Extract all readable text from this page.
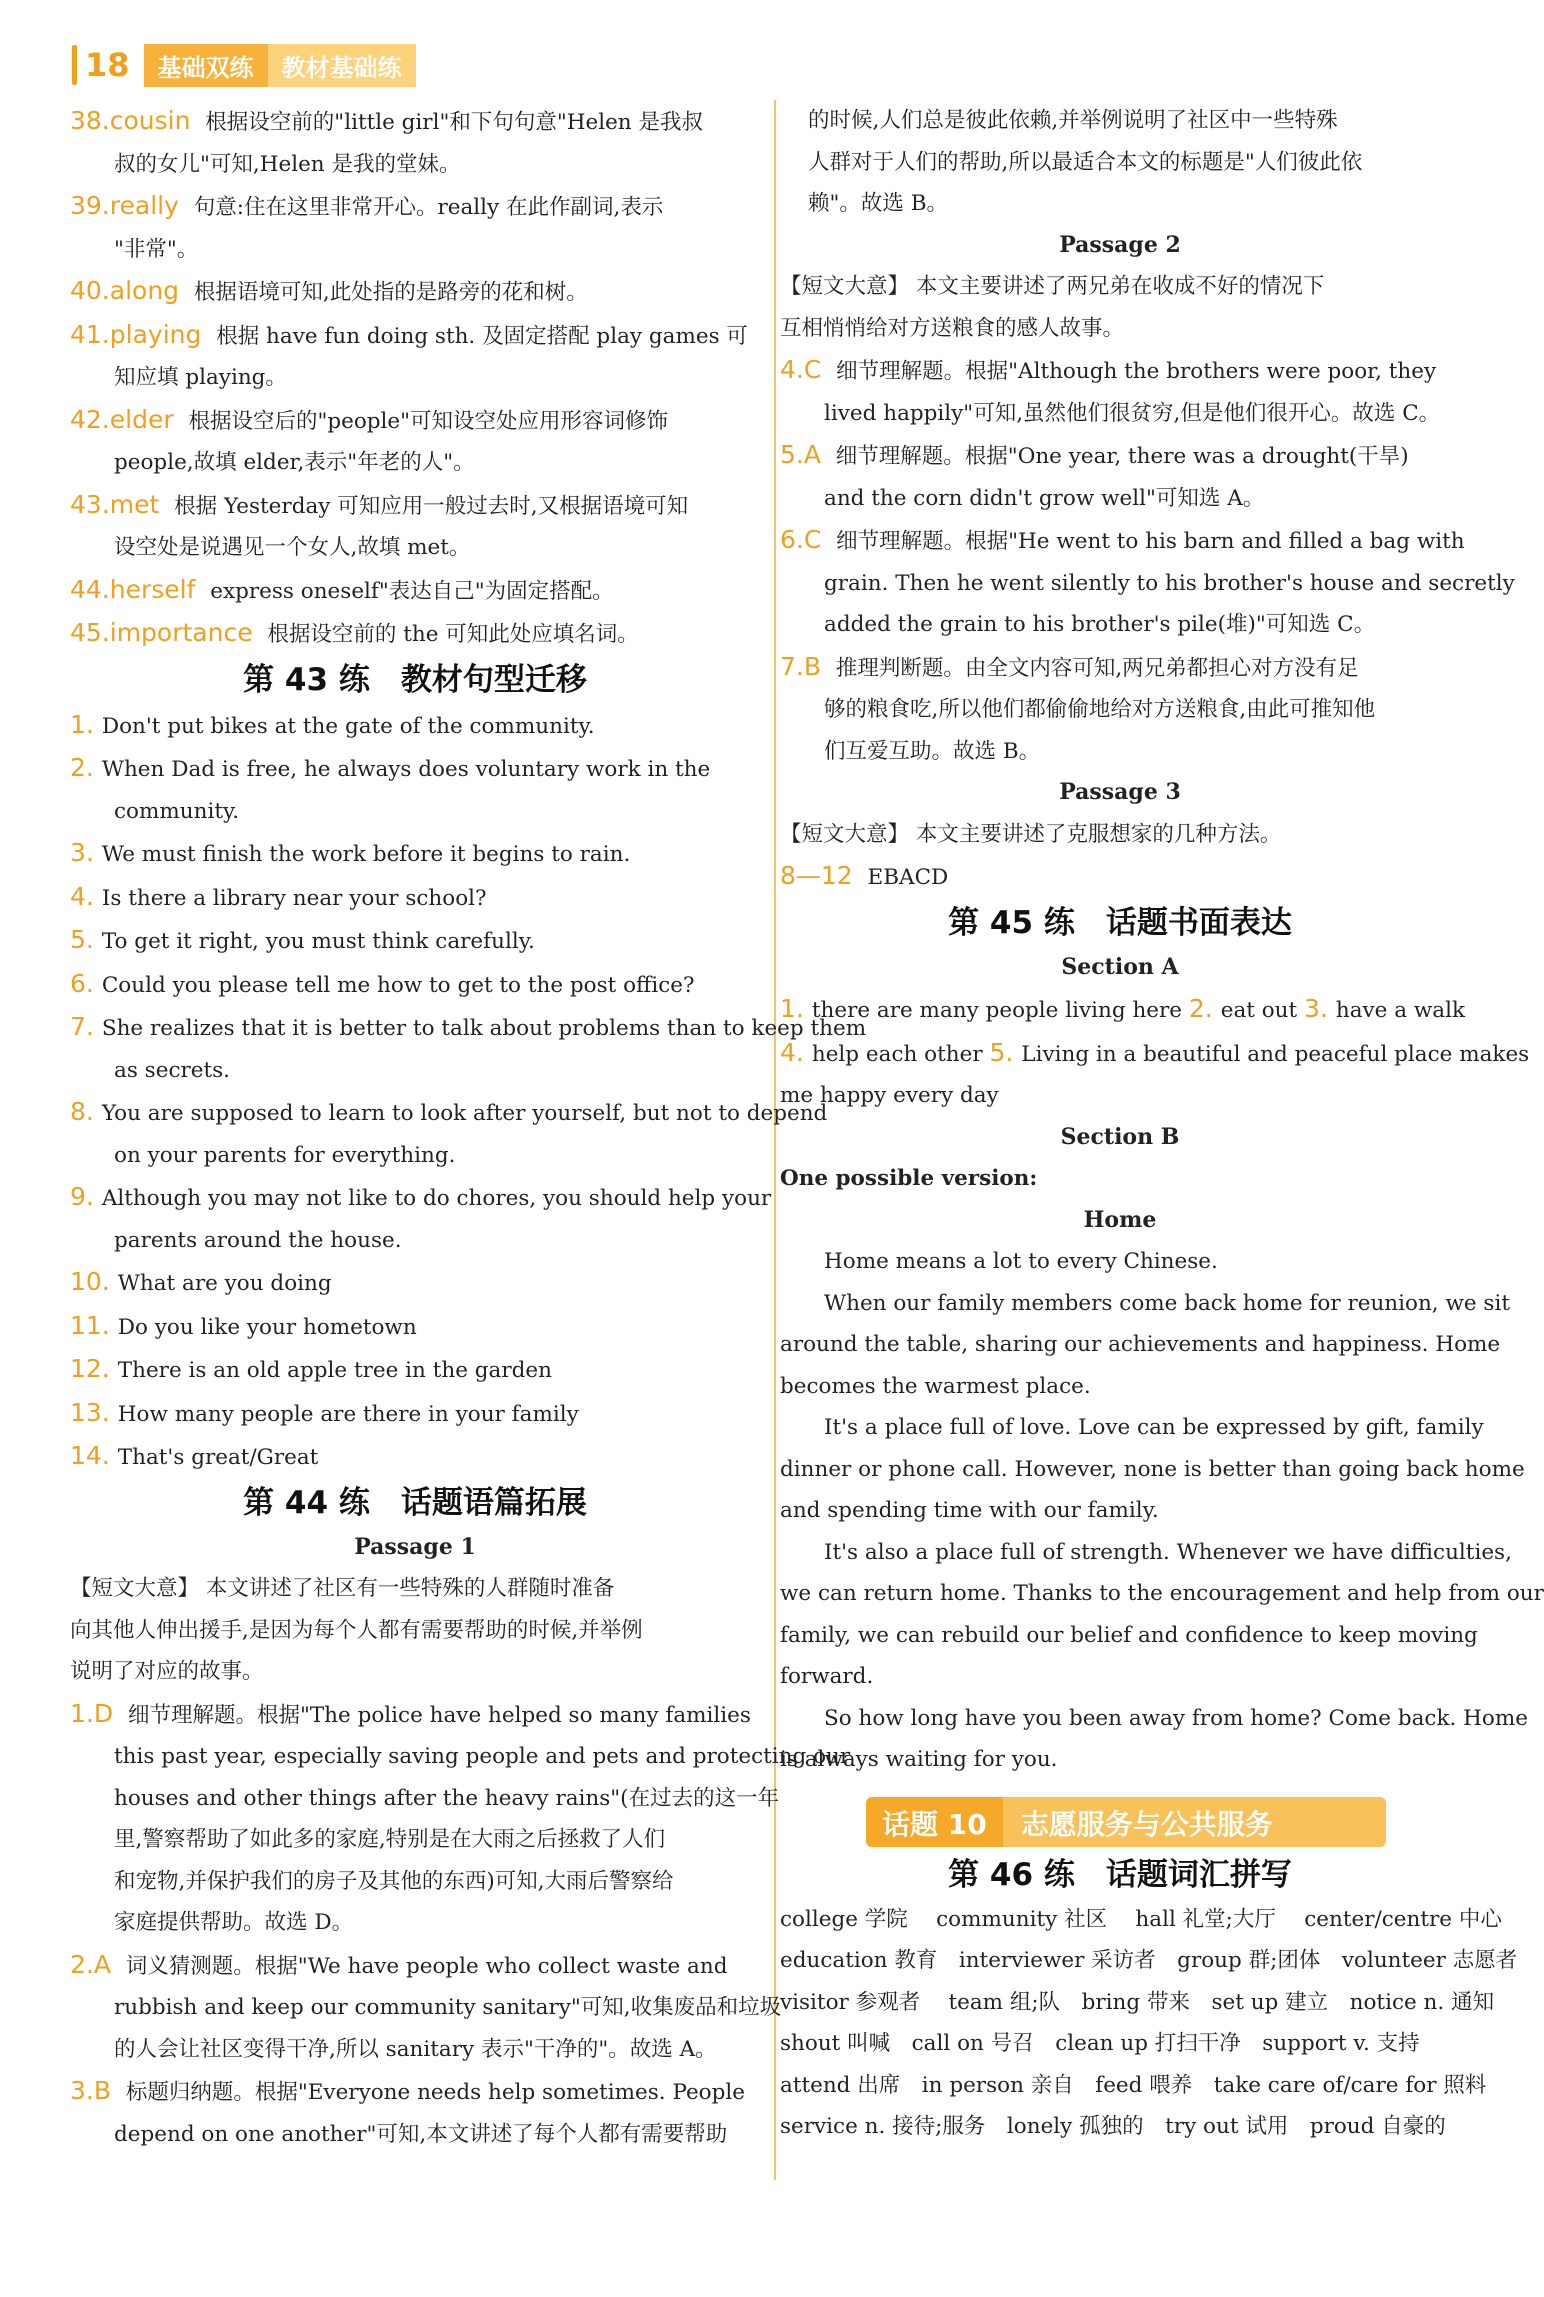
18	基础双练	教材基础练
38.cousin 根据设空前的"little girl"和下句句意"Helen 是我叔
叔的女儿"可知,Helen 是我的堂妹。
39.really 句意:住在这里非常开心。really 在此作副词,表示
"非常"。
40.along 根据语境可知,此处指的是路旁的花和树。
41.playing 根据 have fun doing sth. 及固定搭配 play games 可
知应填 playing。
42.elder 根据设空后的"people"可知设空处应用形容词修饰
people,故填 elder,表示"年老的人"。
43.met 根据 Yesterday 可知应用一般过去时,又根据语境可知
设空处是说遇见一个女人,故填 met。
44.herself express oneself"表达自己"为固定搭配。
45.importance 根据设空前的 the 可知此处应填名词。
第 43 练　教材句型迁移
1. Don't put bikes at the gate of the community.
2. When Dad is free, he always does voluntary work in the
community.
3. We must finish the work before it begins to rain.
4. Is there a library near your school?
5. To get it right, you must think carefully.
6. Could you please tell me how to get to the post office?
7. She realizes that it is better to talk about problems than to keep them
as secrets.
8. You are supposed to learn to look after yourself, but not to depend
on your parents for everything.
9. Although you may not like to do chores, you should help your
parents around the house.
10. What are you doing
11. Do you like your hometown
12. There is an old apple tree in the garden
13. How many people are there in your family
14. That's great/Great
第 44 练　话题语篇拓展
Passage 1
【短文大意】 本文讲述了社区有一些特殊的人群随时准备
向其他人伸出援手,是因为每个人都有需要帮助的时候,并举例
说明了对应的故事。
1.D 细节理解题。根据"The police have helped so many families
this past year, especially saving people and pets and protecting our
houses and other things after the heavy rains"(在过去的这一年
里,警察帮助了如此多的家庭,特别是在大雨之后拯救了人们
和宠物,并保护我们的房子及其他的东西)可知,大雨后警察给
家庭提供帮助。故选 D。
2.A 词义猜测题。根据"We have people who collect waste and
rubbish and keep our community sanitary"可知,收集废品和垃圾
的人会让社区变得干净,所以 sanitary 表示"干净的"。故选 A。
3.B 标题归纳题。根据"Everyone needs help sometimes. People
depend on one another"可知,本文讲述了每个人都有需要帮助
的时候,人们总是彼此依赖,并举例说明了社区中一些特殊
人群对于人们的帮助,所以最适合本文的标题是"人们彼此依
赖"。故选 B。
Passage 2
【短文大意】 本文主要讲述了两兄弟在收成不好的情况下
互相悄悄给对方送粮食的感人故事。
4.C 细节理解题。根据"Although the brothers were poor, they
lived happily"可知,虽然他们很贫穷,但是他们很开心。故选 C。
5.A 细节理解题。根据"One year, there was a drought(干旱)
and the corn didn't grow well"可知选 A。
6.C 细节理解题。根据"He went to his barn and filled a bag with
grain. Then he went silently to his brother's house and secretly
added the grain to his brother's pile(堆)"可知选 C。
7.B 推理判断题。由全文内容可知,两兄弟都担心对方没有足
够的粮食吃,所以他们都偷偷地给对方送粮食,由此可推知他
们互爱互助。故选 B。
Passage 3
【短文大意】 本文主要讲述了克服想家的几种方法。
8—12 EBACD
第 45 练　话题书面表达
Section A
1. there are many people living here 2. eat out 3. have a walk
4. help each other 5. Living in a beautiful and peaceful place makes
me happy every day
Section B
One possible version:
Home
Home means a lot to every Chinese.
When our family members come back home for reunion, we sit
around the table, sharing our achievements and happiness. Home
becomes the warmest place.
It's a place full of love. Love can be expressed by gift, family
dinner or phone call. However, none is better than going back home
and spending time with our family.
It's also a place full of strength. Whenever we have difficulties,
we can return home. Thanks to the encouragement and help from our
family, we can rebuild our belief and confidence to keep moving
forward.
So how long have you been away from home? Come back. Home
is always waiting for you.
第 46 练　话题词汇拼写
college 学院　 community 社区　 hall 礼堂;大厅　 center/centre 中心
education 教育　interviewer 采访者　group 群;团体　volunteer 志愿者
visitor 参观者　 team 组;队　bring 带来　set up 建立　notice n. 通知
shout 叫喊　call on 号召　clean up 打扫干净　support v. 支持
attend 出席　in person 亲自　feed 喂养　take care of/care for 照料
service n. 接待;服务　lonely 孤独的　try out 试用　proud 自豪的
话题 10	志愿服务与公共服务
